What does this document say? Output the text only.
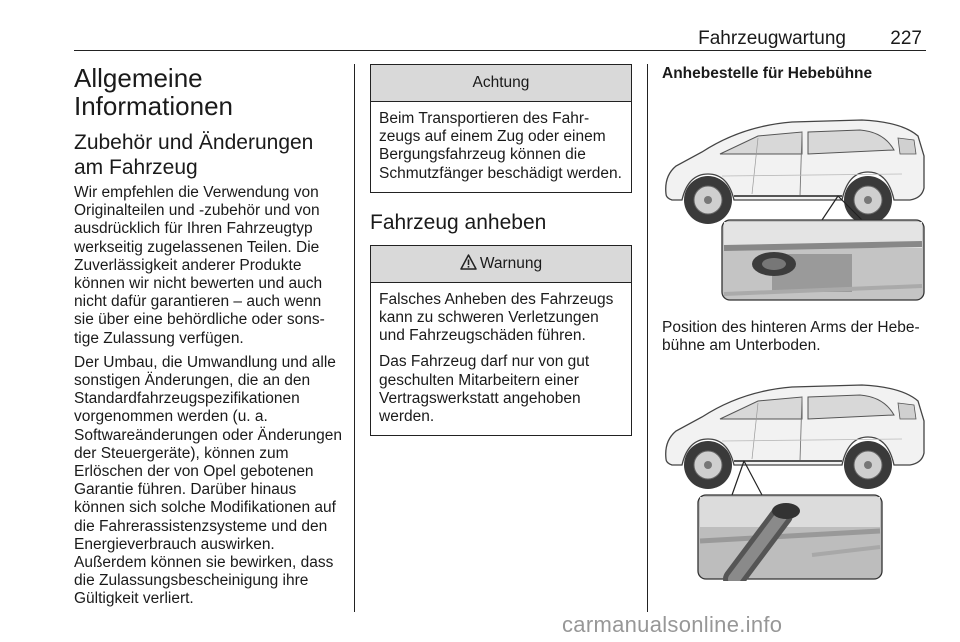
Fahrzeugwartung 227
Allgemeine Informationen
Zubehör und Änderungen am Fahrzeug

Wir empfehlen die Verwendung von Originalteilen und -zubehör und von ausdrücklich für Ihren Fahrzeugtyp werkseitig zugelassenen Teilen. Die Zuverlässigkeit anderer Produkte können wir nicht bewerten und auch nicht dafür garantieren – auch wenn sie über eine behördliche oder sonstige Zulassung verfügen.

Der Umbau, die Umwandlung und alle sonstigen Änderungen, die an den Standardfahrzeugspezifikationen vorgenommen werden (u. a. Softwareänderungen oder Änderungen der Steuergeräte), können zum Erlöschen der von Opel gebotenen Garantie führen. Darüber hinaus können sich solche Modifikationen auf die Fahrerassistenzsysteme und den Energieverbrauch auswirken. Außerdem können sie bewirken, dass die Zulassungsbescheinigung ihre Gültigkeit verliert.

Achtung

Beim Transportieren des Fahrzeugs auf einem Zug oder einem Bergungsfahrzeug können die Schmutzfänger beschädigt werden.

Fahrzeug anheben
Warnung

Falsches Anheben des Fahrzeugs kann zu schweren Verletzungen und Fahrzeugschäden führen.

Das Fahrzeug darf nur von gut geschulten Mitarbeitern einer Vertragswerkstatt angehoben werden.

Anhebestelle für Hebebühne
Position des hinteren Arms der Hebebühne am Unterboden.
carmanualsonline.info
